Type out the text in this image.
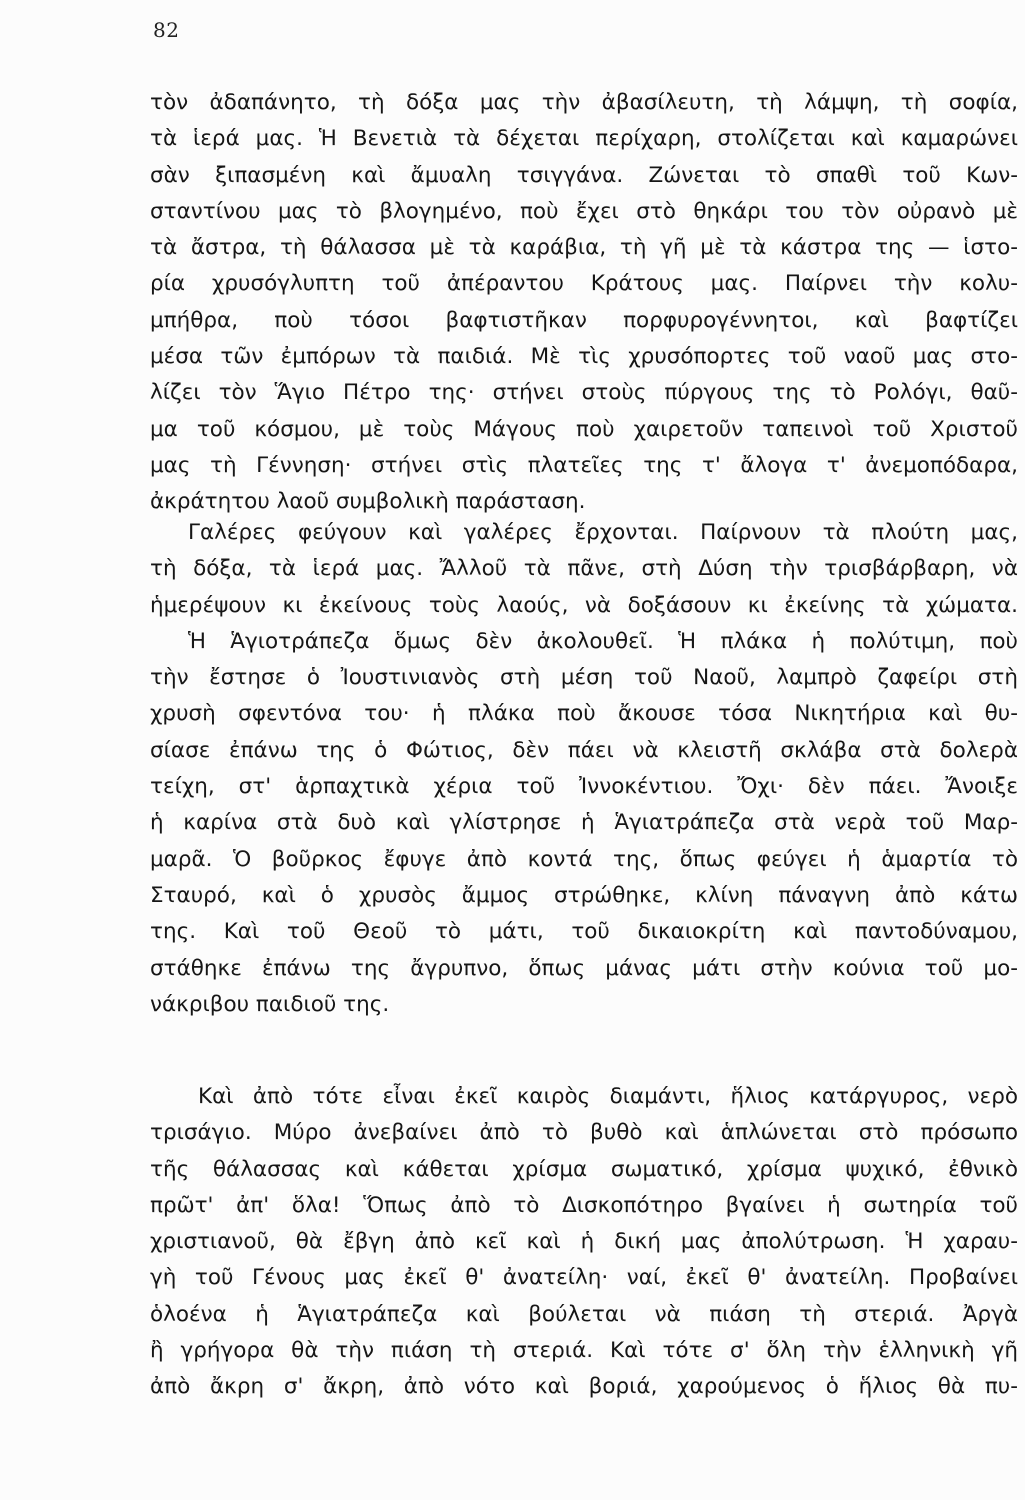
82
τὸν ἀδαπάνητο, τὴ δόξα μας τὴν ἀβασίλευτη, τὴ λάμψη, τὴ σοφία,
τὰ ἱερά μας. Ἡ Βενετιὰ τὰ δέχεται περίχαρη, στολίζεται καὶ καμαρώνει
σὰν ξιπασμένη καὶ ἄμυαλη τσιγγάνα. Ζώνεται τὸ σπαθὶ τοῦ Κων-
σταντίνου μας τὸ βλογημένο, ποὺ ἔχει στὸ θηκάρι του τὸν οὐρανὸ μὲ
τὰ ἄστρα, τὴ θάλασσα μὲ τὰ καράβια, τὴ γῆ μὲ τὰ κάστρα της — ἱστο-
ρία χρυσόγλυπτη τοῦ ἀπέραντου Κράτους μας. Παίρνει τὴν κολυ-
μπήθρα, ποὺ τόσοι βαφτιστῆκαν πορφυρογέννητοι, καὶ βαφτίζει
μέσα τῶν ἐμπόρων τὰ παιδιά. Μὲ τὶς χρυσόπορτες τοῦ ναοῦ μας στο-
λίζει τὸν Ἅγιο Πέτρο της· στήνει στοὺς πύργους της τὸ Ρολόγι, θαῦ-
μα τοῦ κόσμου, μὲ τοὺς Μάγους ποὺ χαιρετοῦν ταπεινοὶ τοῦ Χριστοῦ
μας τὴ Γέννηση· στήνει στὶς πλατεῖες της τ' ἄλογα τ' ἀνεμοπόδαρα,
ἀκράτητου λαοῦ συμβολικὴ παράσταση.
Γαλέρες φεύγουν καὶ γαλέρες ἔρχονται. Παίρνουν τὰ πλούτη μας,
τὴ δόξα, τὰ ἱερά μας. Ἄλλοῦ τὰ πᾶνε, στὴ Δύση τὴν τρισβάρβαρη, νὰ
ἡμερέψουν κι ἐκείνους τοὺς λαούς, νὰ δοξάσουν κι ἐκείνης τὰ χώματα.
Ἡ Ἁγιοτράπεζα ὅμως δὲν ἀκολουθεῖ. Ἡ πλάκα ἡ πολύτιμη, ποὺ
τὴν ἔστησε ὁ Ἰουστινιανὸς στὴ μέση τοῦ Ναοῦ, λαμπρὸ ζαφείρι στὴ
χρυσὴ σφεντόνα του· ἡ πλάκα ποὺ ἄκουσε τόσα Νικητήρια καὶ θυ-
σίασε ἐπάνω της ὁ Φώτιος, δὲν πάει νὰ κλειστῆ σκλάβα στὰ δολερὰ
τείχη, στ' ἁρπαχτικὰ χέρια τοῦ Ἰννοκέντιου. Ὄχι· δὲν πάει. Ἄνοιξε
ἡ καρίνα στὰ δυὸ καὶ γλίστρησε ἡ Ἁγιατράπεζα στὰ νερὰ τοῦ Μαρ-
μαρᾶ. Ὁ βοῦρκος ἔφυγε ἀπὸ κοντά της, ὅπως φεύγει ἡ ἁμαρτία τὸ
Σταυρό, καὶ ὁ χρυσὸς ἄμμος στρώθηκε, κλίνη πάναγνη ἀπὸ κάτω
της. Καὶ τοῦ Θεοῦ τὸ μάτι, τοῦ δικαιοκρίτη καὶ παντοδύναμου,
στάθηκε ἐπάνω της ἄγρυπνο, ὅπως μάνας μάτι στὴν κούνια τοῦ μο-
νάκριβου παιδιοῦ της.
Καὶ ἀπὸ τότε εἶναι ἐκεῖ καιρὸς διαμάντι, ἥλιος κατάργυρος, νερὸ
τρισάγιο. Μύρο ἀνεβαίνει ἀπὸ τὸ βυθὸ καὶ ἁπλώνεται στὸ πρόσωπο
τῆς θάλασσας καὶ κάθεται χρίσμα σωματικό, χρίσμα ψυχικό, ἐθνικὸ
πρῶτ' ἀπ' ὅλα! Ὅπως ἀπὸ τὸ Δισκοπότηρο βγαίνει ἡ σωτηρία τοῦ
χριστιανοῦ, θὰ ἔβγη ἀπὸ κεῖ καὶ ἡ δική μας ἀπολύτρωση. Ἡ χαραυ-
γὴ τοῦ Γένους μας ἐκεῖ θ' ἀνατείλη· ναί, ἐκεῖ θ' ἀνατείλη. Προβαίνει
ὁλοένα ἡ Ἁγιατράπεζα καὶ βούλεται νὰ πιάση τὴ στεριά. Ἀργὰ
ἢ γρήγορα θὰ τὴν πιάση τὴ στεριά. Καὶ τότε σ' ὅλη τὴν ἑλληνικὴ γῆ
ἀπὸ ἄκρη σ' ἄκρη, ἀπὸ νότο καὶ βοριά, χαρούμενος ὁ ἥλιος θὰ πυ-
